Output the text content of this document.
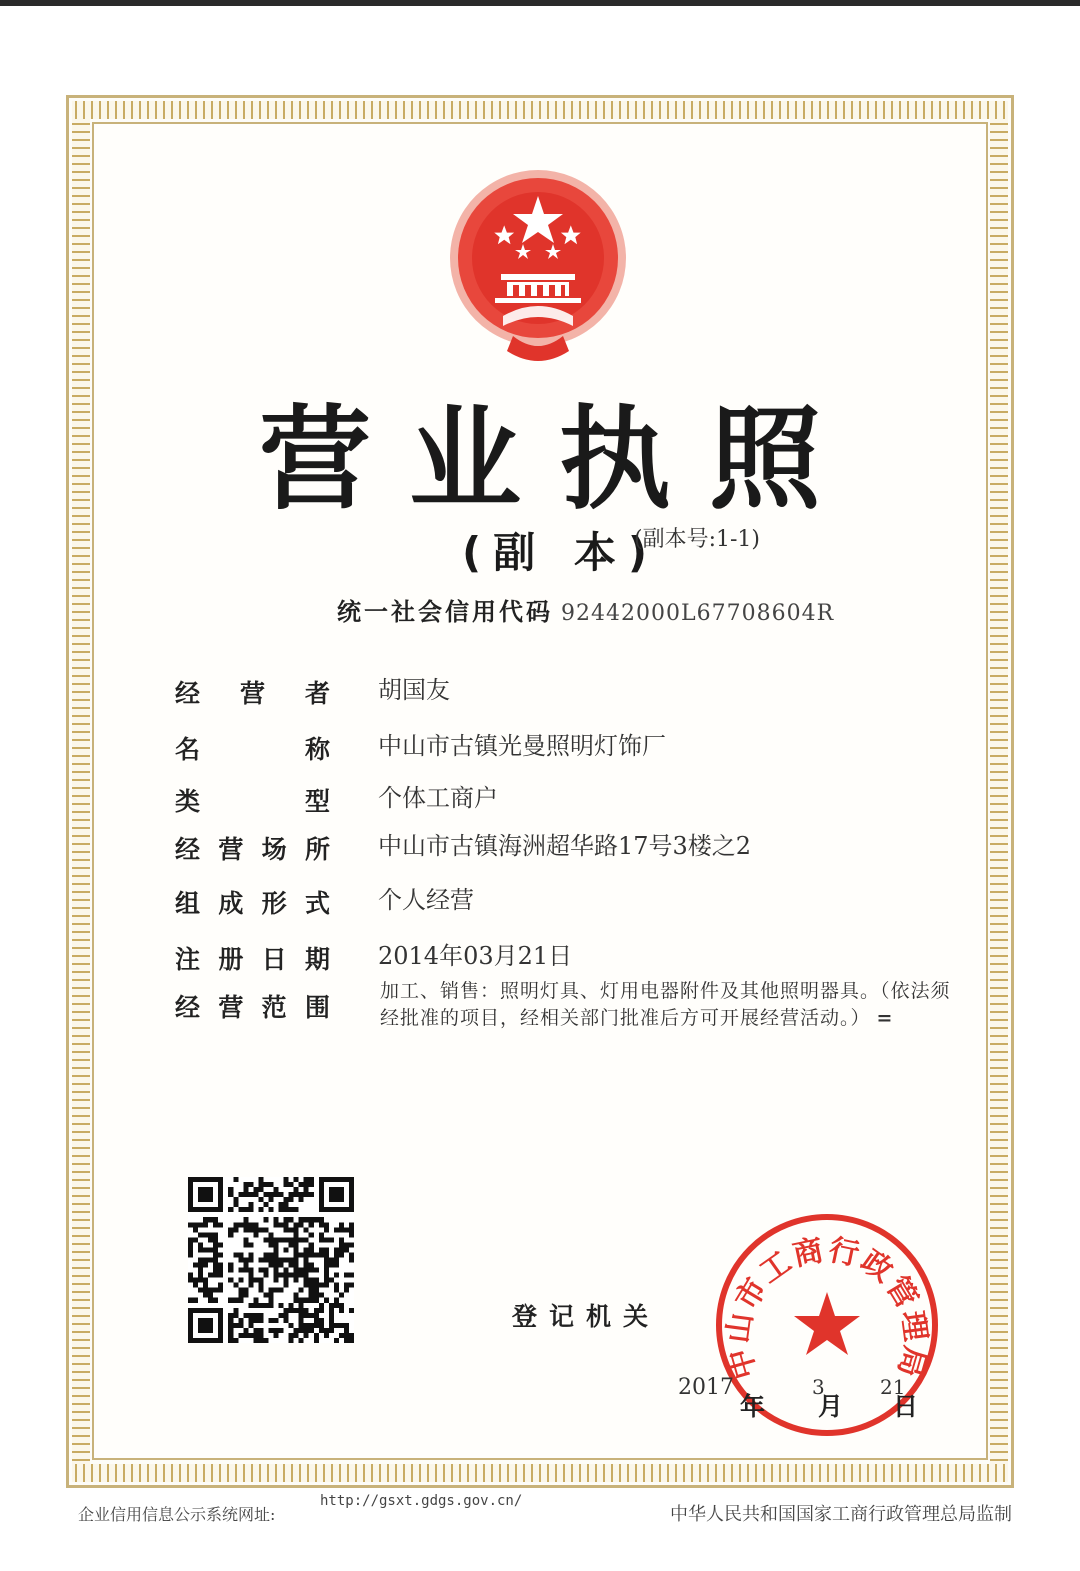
营 业 执 照
(副 本)
(副本号:1-1)
统一社会信用代码 92442000L67708604R
经营者 胡国友
名称 中山市古镇光曼照明灯饰厂
类型 个体工商户
经营场所 中山市古镇海洲超华路17号3楼之2
组成形式 个人经营
注册日期 2014年03月21日
经营范围
加工、销售：照明灯具、灯用电器附件及其他照明器具。（依法须经批准的项目，经相关部门批准后方可开展经营活动。） =
登记机关
中山市工商行政管理局
2017
年
3
月
21
日
企业信用信息公示系统网址:
http://gsxt.gdgs.gov.cn/
中华人民共和国国家工商行政管理总局监制
